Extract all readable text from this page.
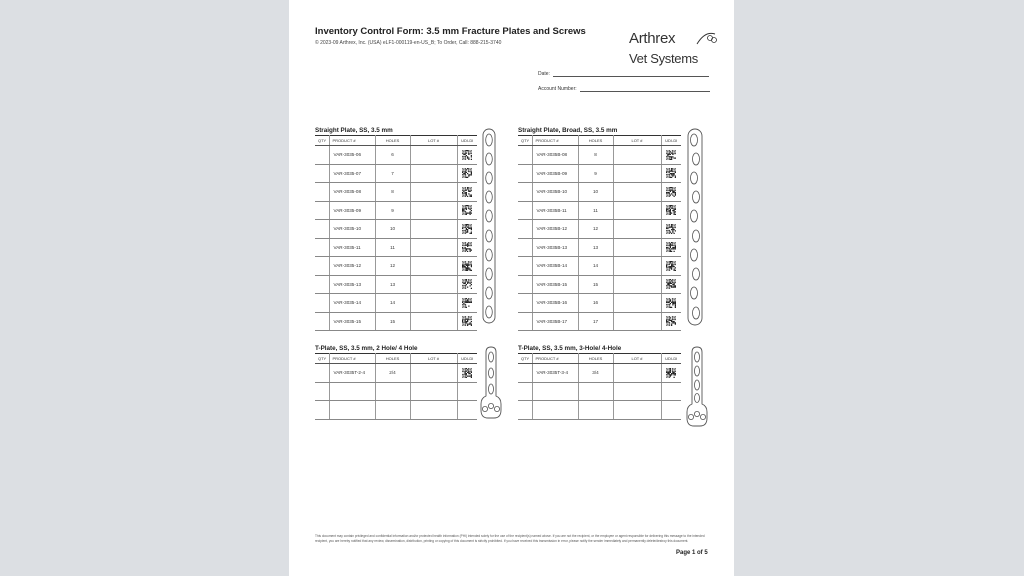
Inventory Control Form: 3.5 mm Fracture Plates and Screws
© 2023-09 Arthrex, Inc. (USA) eLF1-000119-en-US_B; To Order, Call: 888-215-3740	Arthrex
Vet Systems
Date:
Account Number:
Straight Plate, SS, 3.5 mm
QTY	PRODUCT #	HOLES	LOT #	UDI-DI
	VAR-3035-06	6		

	VAR-3035-07	7		

	VAR-3035-08	8		

	VAR-3035-09	9		

	VAR-3035-10	10		

	VAR-3035-11	11		

	VAR-3035-12	12		

	VAR-3035-13	13		

	VAR-3035-14	14		

	VAR-3035-15	15		
Straight Plate, Broad, SS, 3.5 mm
QTY	PRODUCT #	HOLES	LOT #	UDI-DI
	VAR-3035B-08	8		

	VAR-3035B-09	9		

	VAR-3035B-10	10		

	VAR-3035B-11	11		

	VAR-3035B-12	12		

	VAR-3035B-13	13		

	VAR-3035B-14	14		

	VAR-3035B-15	15		

	VAR-3035B-16	16		

	VAR-3035B-17	17		
T-Plate, SS, 3.5 mm, 2 Hole/ 4 Hole
QTY	PRODUCT #	HOLES	LOT #	UDI-DI
	VAR-3035T-2-4	2/4		

T-Plate, SS, 3.5 mm, 3-Hole/ 4-Hole
QTY	PRODUCT #	HOLES	LOT #	UDI-DI
	VAR-3035T-3-4	3/4		

This document may contain privileged and confidential information and/or protected health information (PHI) intended solely for the use of the recipient(s) named above. If you are not the recipient, or the employee or agent responsible for delivering this message to the intended recipient, you are hereby notified that any review, dissemination, distribution, printing or copying of this document is strictly prohibited. If you have received this transmission in error, please notify the sender immediately and permanently delete/destroy this document.
Page 1 of 5
